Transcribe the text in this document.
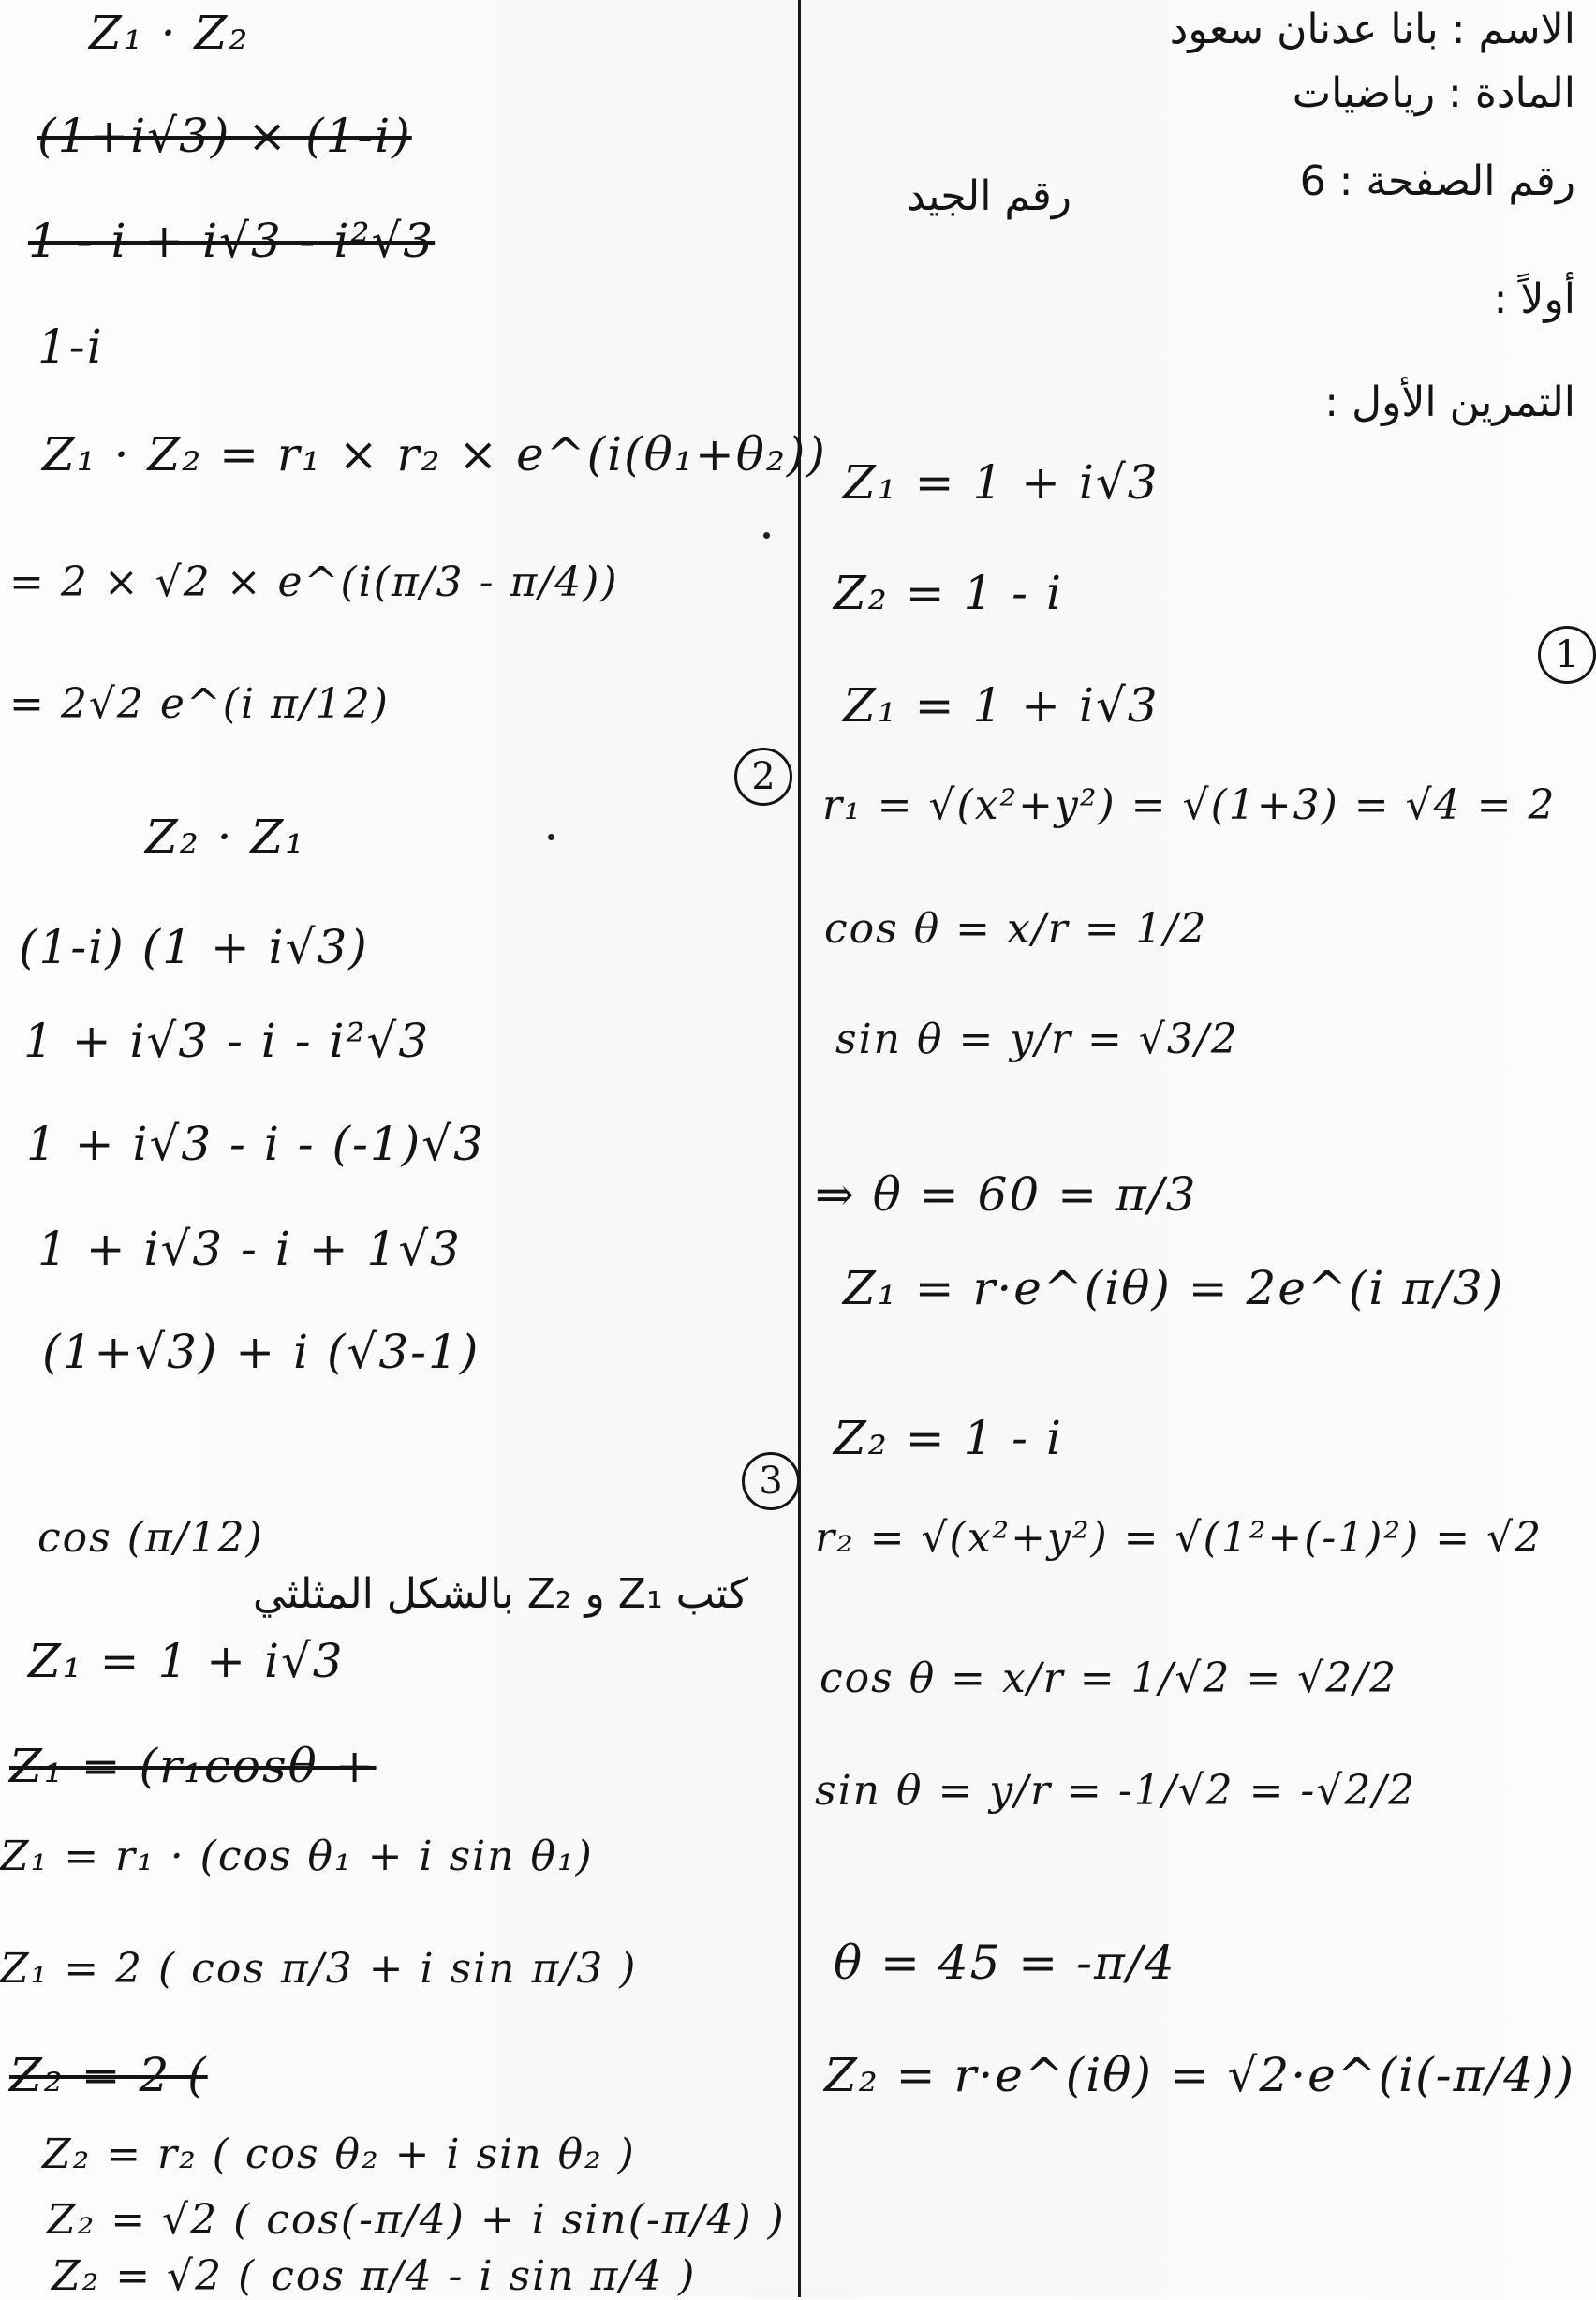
الاسم : بانا عدنان سعود
المادة : رياضيات
رقم الصفحة : 6
رقم الجيد
أولاً :
التمرين الأول :
Z₁ = 1 + i√3
Z₂ = 1 - i
1
Z₁ = 1 + i√3
2
r₁ = √(x²+y²) = √(1+3) = √4 = 2
cos θ = x/r = 1/2
sin θ = y/r = √3/2
⇒ θ = 60 = π/3
Z₁ = r·e^(iθ) = 2e^(i π/3)
Z₂ = 1 - i
3
r₂ = √(x²+y²) = √(1²+(-1)²) = √2
cos θ = x/r = 1/√2 = √2/2
sin θ = y/r = -1/√2 = -√2/2
θ = 45 = -π/4
Z₂ = r·e^(iθ) = √2·e^(i(-π/4))
Z₁ · Z₂
(1+i√3) × (1-i)
1 - i + i√3 - i²√3
1-i
Z₁ · Z₂ = r₁ × r₂ × e^(i(θ₁+θ₂))
= 2 × √2 × e^(i(π/3 - π/4))
= 2√2 e^(i π/12)
Z₂ · Z₁
(1-i) (1 + i√3)
1 + i√3 - i - i²√3
1 + i√3 - i - (-1)√3
1 + i√3 - i + 1√3
(1+√3) + i (√3-1)
cos (π/12)
كتب Z₁ و Z₂ بالشكل المثلثي
Z₁ = 1 + i√3
Z₁ = (r₁cosθ +
Z₁ = r₁ · (cos θ₁ + i sin θ₁)
Z₁ = 2 ( cos π/3 + i sin π/3 )
Z₂ = 2 (
Z₂ = r₂ ( cos θ₂ + i sin θ₂ )
Z₂ = √2 ( cos(-π/4) + i sin(-π/4) )
Z₂ = √2 ( cos π/4 - i sin π/4 )
